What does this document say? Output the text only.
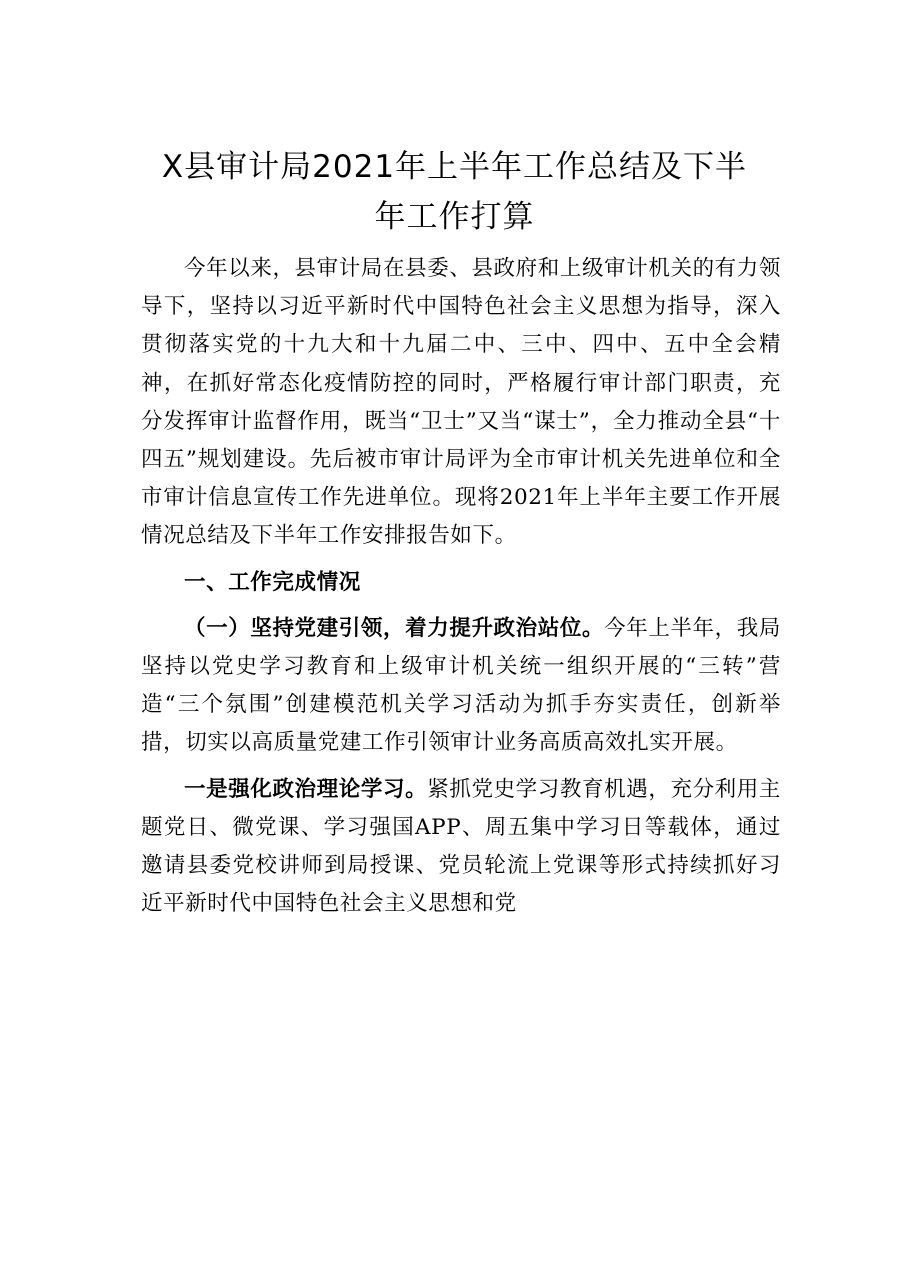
X县审计局2021年上半年工作总结及下半
年工作打算

今年以来，县审计局在县委、县政府和上级审计机关的有力领导下，坚持以习近平新时代中国特色社会主义思想为指导，深入贯彻落实党的十九大和十九届二中、三中、四中、五中全会精神，在抓好常态化疫情防控的同时，严格履行审计部门职责，充分发挥审计监督作用，既当“卫士”又当“谋士”，全力推动全县“十四五”规划建设。先后被市审计局评为全市审计机关先进单位和全市审计信息宣传工作先进单位。现将2021年上半年主要工作开展情况总结及下半年工作安排报告如下。

一、工作完成情况

（一）坚持党建引领，着力提升政治站位。今年上半年，我局坚持以党史学习教育和上级审计机关统一组织开展的“三转”营造“三个氛围”创建模范机关学习活动为抓手夯实责任，创新举措，切实以高质量党建工作引领审计业务高质高效扎实开展。

一是强化政治理论学习。紧抓党史学习教育机遇，充分利用主题党日、微党课、学习强国APP、周五集中学习日等载体，通过邀请县委党校讲师到局授课、党员轮流上党课等形式持续抓好习近平新时代中国特色社会主义思想和党
